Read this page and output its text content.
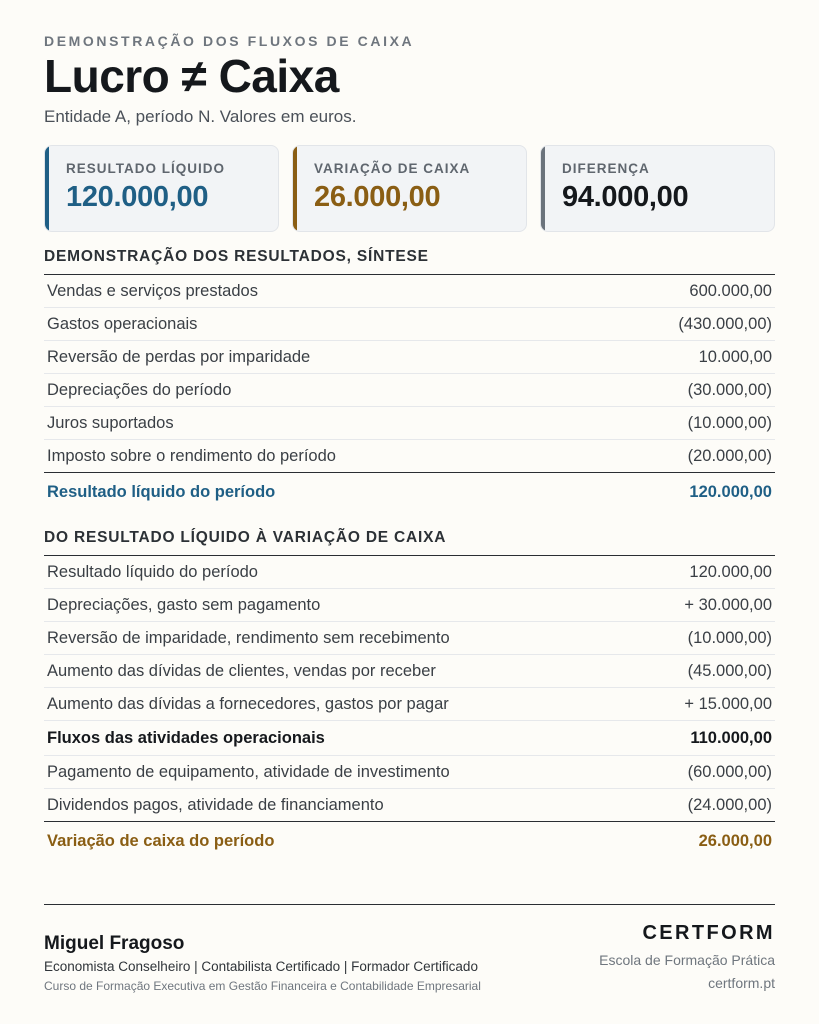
DEMONSTRAÇÃO DOS FLUXOS DE CAIXA
Lucro ≠ Caixa
Entidade A, período N. Valores em euros.
RESULTADO LÍQUIDO
120.000,00
VARIAÇÃO DE CAIXA
26.000,00
DIFERENÇA
94.000,00
DEMONSTRAÇÃO DOS RESULTADOS, SÍNTESE
Vendas e serviços prestados	600.000,00
Gastos operacionais	(430.000,00)
Reversão de perdas por imparidade	10.000,00
Depreciações do período	(30.000,00)
Juros suportados	(10.000,00)
Imposto sobre o rendimento do período	(20.000,00)
Resultado líquido do período	120.000,00
DO RESULTADO LÍQUIDO À VARIAÇÃO DE CAIXA
Resultado líquido do período	120.000,00
Depreciações, gasto sem pagamento	+ 30.000,00
Reversão de imparidade, rendimento sem recebimento	(10.000,00)
Aumento das dívidas de clientes, vendas por receber	(45.000,00)
Aumento das dívidas a fornecedores, gastos por pagar	+ 15.000,00
Fluxos das atividades operacionais	110.000,00
Pagamento de equipamento, atividade de investimento	(60.000,00)
Dividendos pagos, atividade de financiamento	(24.000,00)
Variação de caixa do período	26.000,00
Miguel Fragoso
Economista Conselheiro | Contabilista Certificado | Formador Certificado
Curso de Formação Executiva em Gestão Financeira e Contabilidade Empresarial
CERTFORM
Escola de Formação Prática
certform.pt
